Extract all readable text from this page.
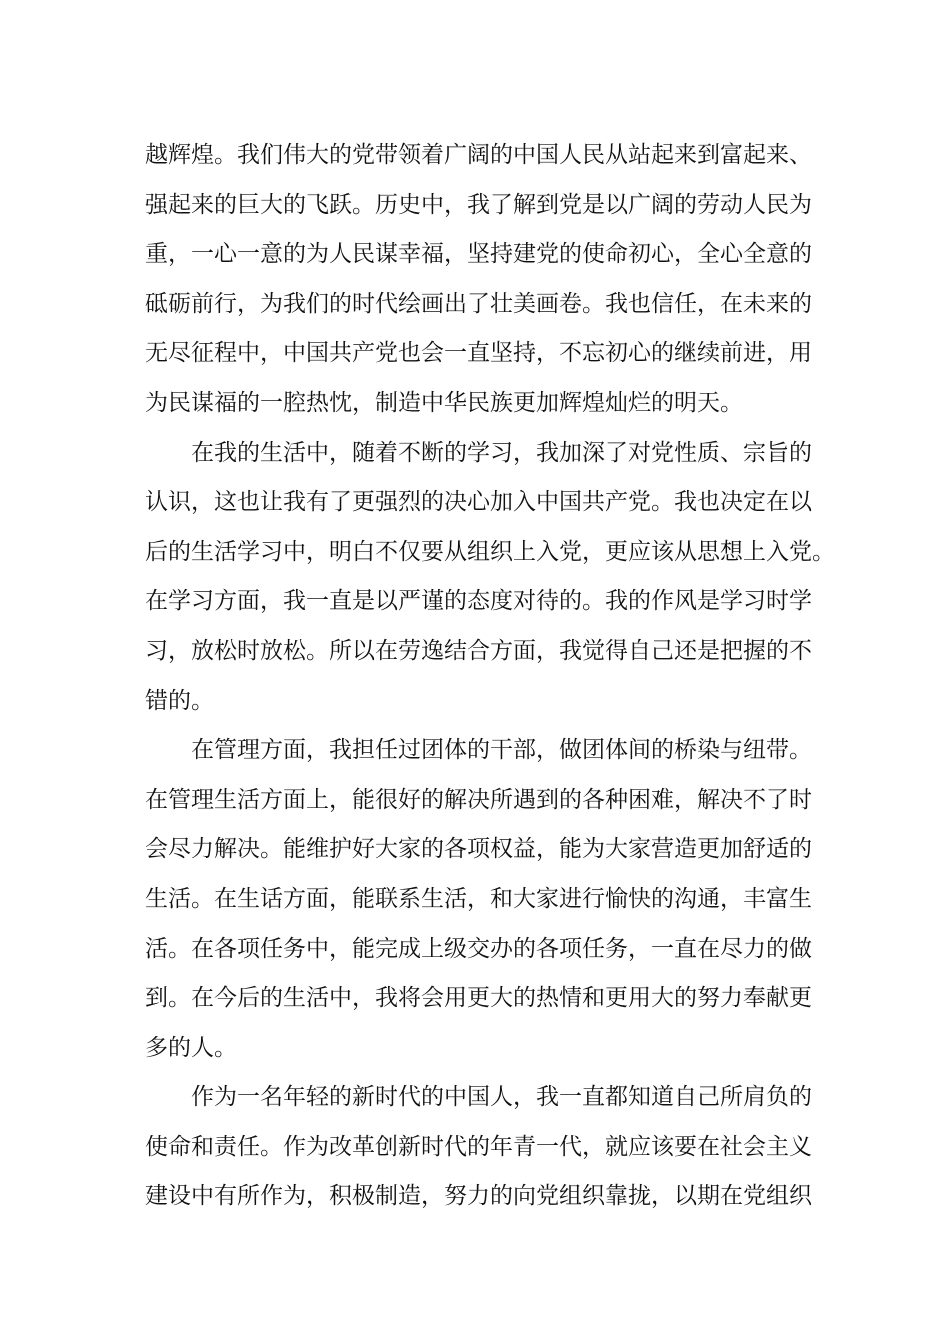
越辉煌。我们伟大的党带领着广阔的中国人民从站起来到富起来、
强起来的巨大的飞跃。历史中，我了解到党是以广阔的劳动人民为
重，一心一意的为人民谋幸福，坚持建党的使命初心，全心全意的
砥砺前行，为我们的时代绘画出了壮美画卷。我也信任，在未来的
无尽征程中，中国共产党也会一直坚持，不忘初心的继续前进，用
为民谋福的一腔热忱，制造中华民族更加辉煌灿烂的明天。
在我的生活中，随着不断的学习，我加深了对党性质、宗旨的
认识，这也让我有了更强烈的决心加入中国共产党。我也决定在以
后的生活学习中，明白不仅要从组织上入党，更应该从思想上入党。
在学习方面，我一直是以严谨的态度对待的。我的作风是学习时学
习，放松时放松。所以在劳逸结合方面，我觉得自己还是把握的不
错的。
在管理方面，我担任过团体的干部，做团体间的桥染与纽带。
在管理生活方面上，能很好的解决所遇到的各种困难，解决不了时
会尽力解决。能维护好大家的各项权益，能为大家营造更加舒适的
生活。在生话方面，能联系生活，和大家进行愉快的沟通，丰富生
活。在各项任务中，能完成上级交办的各项任务，一直在尽力的做
到。在今后的生活中，我将会用更大的热情和更用大的努力奉献更
多的人。
作为一名年轻的新时代的中国人，我一直都知道自己所肩负的
使命和责任。作为改革创新时代的年青一代，就应该要在社会主义
建设中有所作为，积极制造，努力的向党组织靠拢，以期在党组织
